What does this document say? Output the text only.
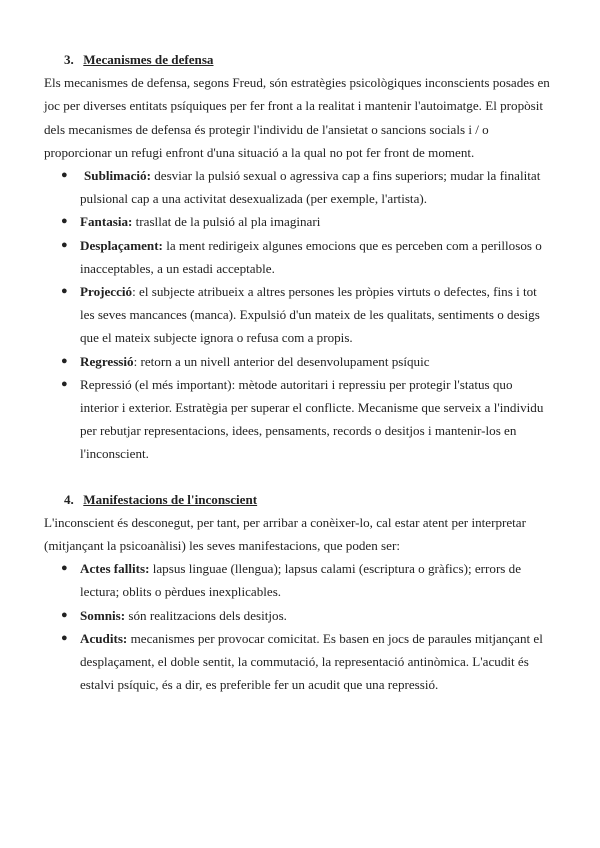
3. Mecanismes de defensa

Els mecanismes de defensa, segons Freud, són estratègies psicològiques inconscients posades en joc per diverses entitats psíquiques per fer front a la realitat i mantenir l'autoimatge. El propòsit dels mecanismes de defensa és protegir l'individu de l'ansietat o sancions socials i / o proporcionar un refugi enfront d'una situació a la qual no pot fer front de moment.

● Sublimació: desviar la pulsió sexual o agressiva cap a fins superiors; mudar la finalitat pulsional cap a una activitat desexualizada (per exemple, l'artista).
● Fantasia: trasllat de la pulsió al pla imaginari
● Desplaçament: la ment redirigeix algunes emocions que es perceben com a perillosos o inacceptables, a un estadi acceptable.
● Projecció: el subjecte atribueix a altres persones les pròpies virtuts o defectes, fins i tot les seves mancances (manca). Expulsió d'un mateix de les qualitats, sentiments o desigs que el mateix subjecte ignora o refusa com a propis.
● Regressió: retorn a un nivell anterior del desenvolupament psíquic
● Repressió (el més important): mètode autoritari i repressiu per protegir l'status quo interior i exterior. Estratègia per superar el conflicte. Mecanisme que serveix a l'individu per rebutjar representacions, idees, pensaments, records o desitjos i mantenir-los en l'inconscient.
4. Manifestacions de l'inconscient

L'inconscient és desconegut, per tant, per arribar a conèixer-lo, cal estar atent per interpretar

(mitjançant la psicoanàlisi) les seves manifestacions, que poden ser:

● Actes fallits: lapsus linguae (llengua); lapsus calami (escriptura o gràfics); errors de lectura; oblits o pèrdues inexplicables.
● Somnis: són realitzacions dels desitjos.
● Acudits: mecanismes per provocar comicitat. Es basen en jocs de paraules mitjançant el desplaçament, el doble sentit, la commutació, la representació antinòmica. L'acudit és estalvi psíquic, és a dir, es preferible fer un acudit que una repressió.
